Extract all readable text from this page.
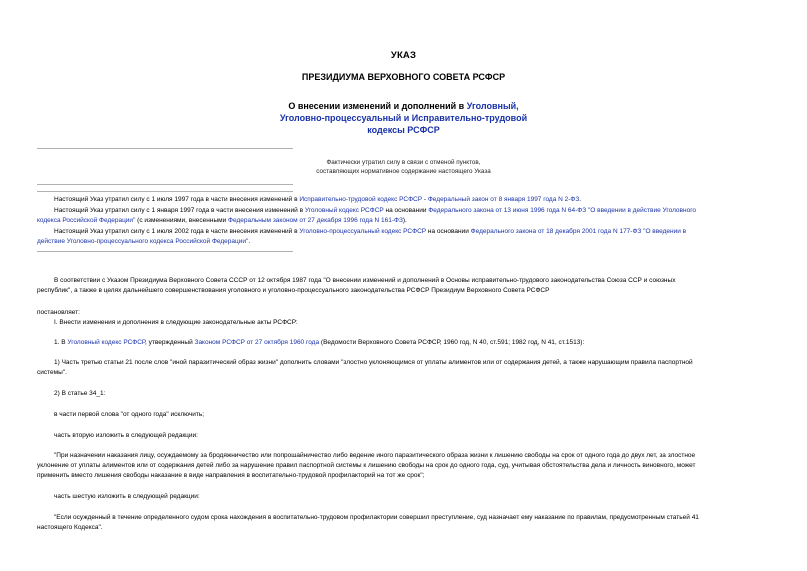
УКАЗ
ПРЕЗИДИУМА ВЕРХОВНОГО СОВЕТА РСФСР
О внесении изменений и дополнений в Уголовный,
Уголовно-процессуальный и Исправительно-трудовой
кодексы РСФСР
Фактически утратил силу в связи с отменой пунктов,
составляющих нормативное содержание настоящего Указа
Настоящий Указ утратил силу с 1 июля 1997 года в части внесения изменений в Исправительно-трудовой кодекс РСФСР - Федеральный закон от 8 января 1997 года N 2-ФЗ.
Настоящий Указ утратил силу с 1 января 1997 года в части внесения изменений в Уголовный кодекс РСФСР на основании Федерального закона от 13 июня 1996 года N 64-ФЗ "О введении в действие Уголовного
кодекса Российской Федерации" (с изменениями, внесенными Федеральным законом от 27 декабря 1996 года N 161-ФЗ).
Настоящий Указ утратил силу с 1 июля 2002 года в части внесения изменений в Уголовно-процессуальный кодекс РСФСР на основании Федерального закона от 18 декабря 2001 года N 177-ФЗ "О введении в
действие Уголовно-процессуального кодекса Российской Федерации".
В соответствии с Указом Президиума Верховного Совета СССР от 12 октября 1987 года "О внесении изменений и дополнений в Основы исправительно-трудового законодательства Союза ССР и союзных
республик", а также в целях дальнейшего совершенствования уголовного и уголовно-процессуального законодательства РСФСР Президиум Верховного Совета РСФСР
постановляет:
I. Внести изменения и дополнения в следующие законодательные акты РСФСР:
1. В Уголовный кодекс РСФСР, утвержденный Законом РСФСР от 27 октября 1960 года (Ведомости Верховного Совета РСФСР, 1960 год, N 40, ст.591; 1982 год, N 41, ст.1513):
1) Часть третью статьи 21 после слов "иной паразитический образ жизни" дополнить словами "злостно уклоняющимся от уплаты алиментов или от содержания детей, а также нарушающим правила паспортной
системы".
2) В статье 34_1:
в части первой слова "от одного года" исключить;
часть вторую изложить в следующей редакции:
"При назначении наказания лицу, осуждаемому за бродяжничество или попрошайничество либо ведение иного паразитического образа жизни к лишению свободы на срок от одного года до двух лет, за злостное
уклонение от уплаты алиментов или от содержания детей либо за нарушение правил паспортной системы к лишению свободы на срок до одного года, суд, учитывая обстоятельства дела и личность виновного, может
применить вместо лишения свободы наказание в виде направления в воспитательно-трудовой профилакторий на тот же срок";
часть шестую изложить в следующей редакции:
"Если осужденный в течение определенного судом срока нахождения в воспитательно-трудовом профилактории совершил преступление, суд назначает ему наказание по правилам, предусмотренным статьей 41
настоящего Кодекса".
